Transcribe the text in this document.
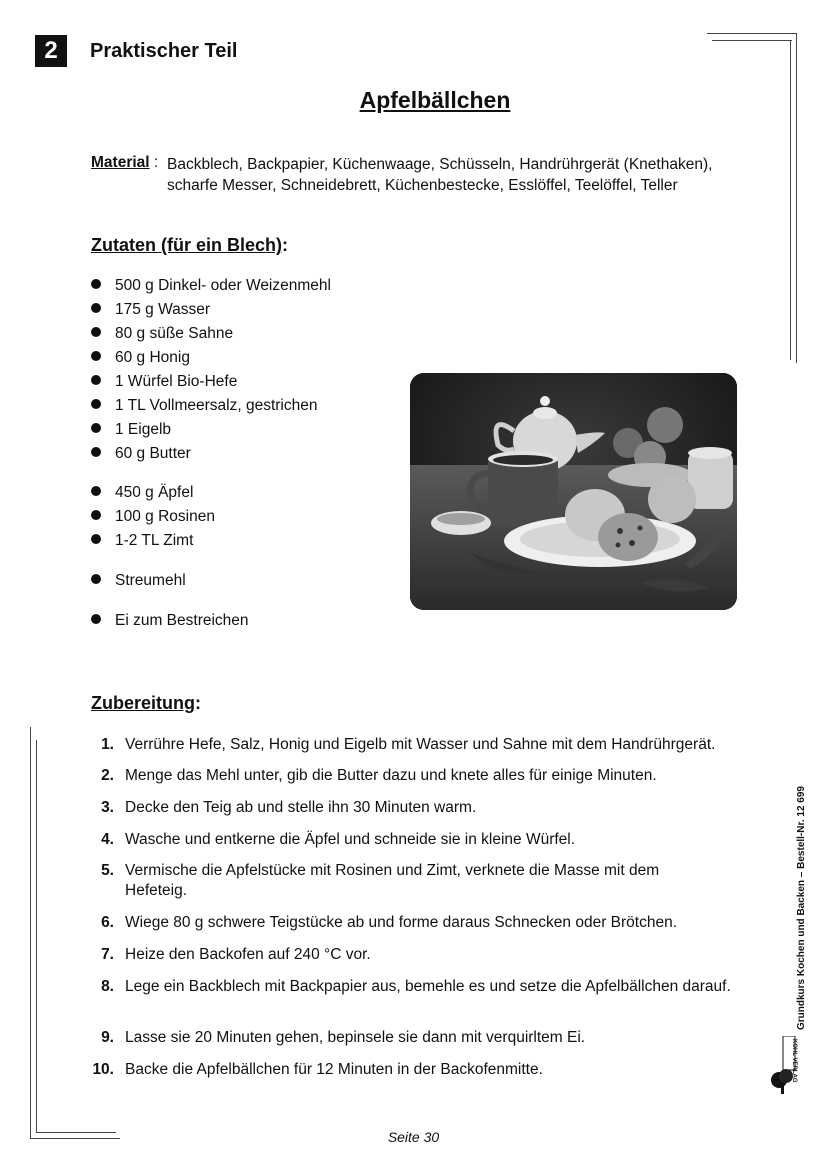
2	Praktischer Teil
Apfelbällchen
Material : Backblech, Backpapier, Küchenwaage, Schüsseln, Handrührgerät (Knethaken), scharfe Messer, Schneidebrett, Küchenbestecke, Esslöffel, Teelöffel, Teller
Zutaten (für ein Blech):
500 g Dinkel- oder Weizenmehl
175 g Wasser
80 g süße Sahne
60 g Honig
1 Würfel Bio-Hefe
1 TL Vollmeersalz, gestrichen
1 Eigelb
60 g Butter
450 g Äpfel
100 g Rosinen
1-2 TL Zimt
Streumehl
Ei zum Bestreichen
Zubereitung:
1. Verrühre Hefe, Salz, Honig und Eigelb mit Wasser und Sahne mit dem Handrührgerät.
2. Menge das Mehl unter, gib die Butter dazu und knete alles für einige Minuten.
3. Decke den Teig ab und stelle ihn 30 Minuten warm.
4. Wasche und entkerne die Äpfel und schneide sie in kleine Würfel.
5. Vermische die Apfelstücke mit Rosinen und Zimt, verknete die Masse mit dem Hefeteig.
6. Wiege 80 g schwere Teigstücke ab und forme daraus Schnecken oder Brötchen.
7. Heize den Backofen auf 240 °C vor.
8. Lege ein Backblech mit Backpapier aus, bemehle es und setze die Apfelbällchen darauf.
9. Lasse sie 20 Minuten gehen, bepinsele sie dann mit verquirltem Ei.
10. Backe die Apfelbällchen für 12 Minuten in der Backofenmitte.
Grundkurs Kochen und Backen – Bestell-Nr. 12 699
KOHL VERLAG
Seite 30
